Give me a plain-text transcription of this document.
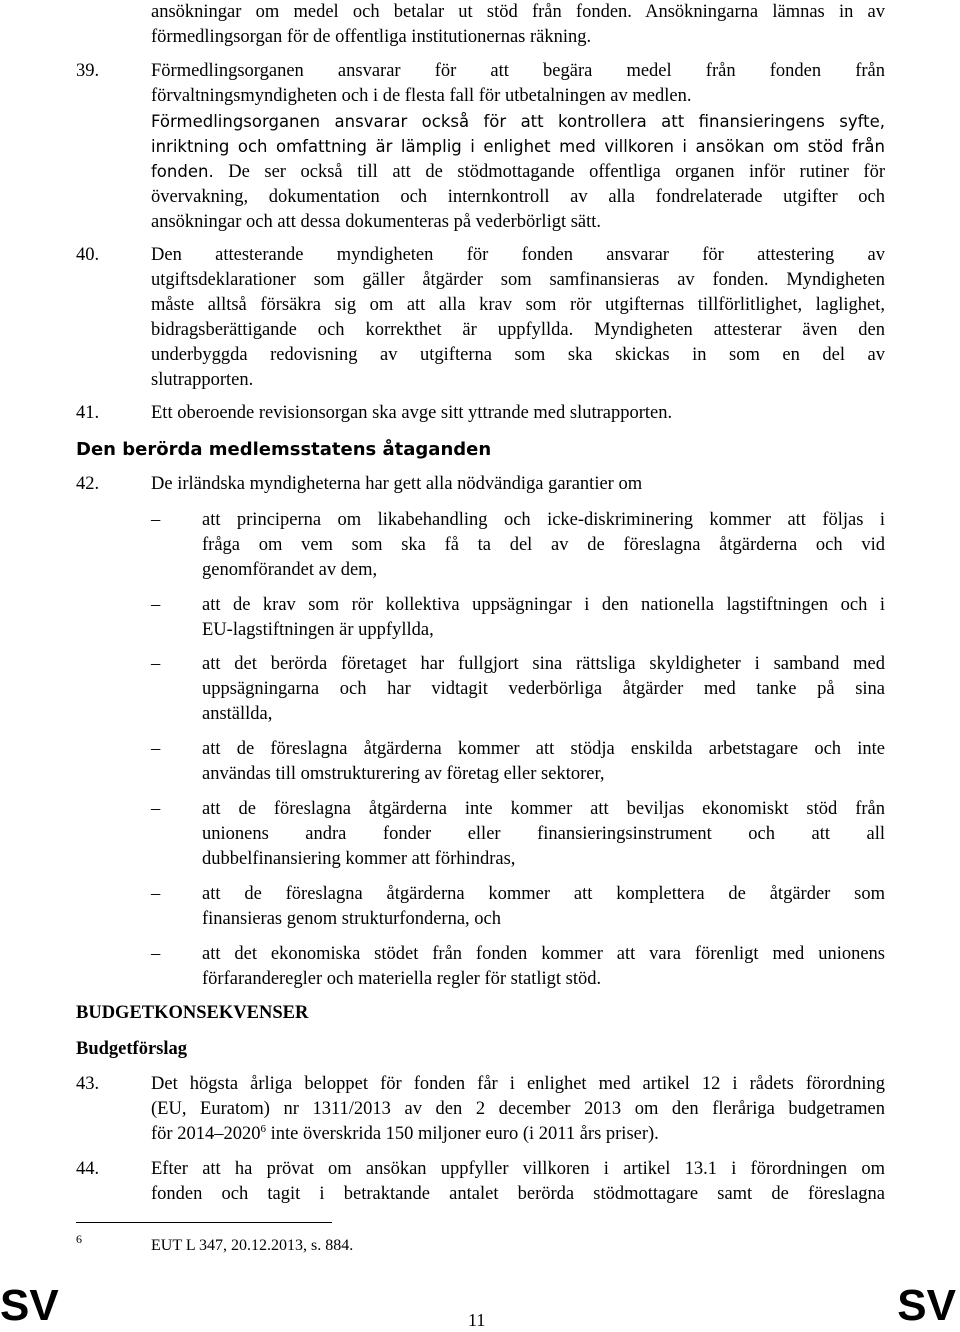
ansökningar om medel och betalar ut stöd från fonden. Ansökningarna lämnas in av
förmedlingsorgan för de offentliga institutionernas räkning.
39.	Förmedlingsorganen ansvarar för att begära medel från fonden från
förvaltningsmyndigheten och i de flesta fall för utbetalningen av medlen.
Förmedlingsorganen ansvarar också för att kontrollera att finansieringens syfte,
inriktning och omfattning är lämplig i enlighet med villkoren i ansökan om stöd från
fonden. De ser också till att de stödmottagande offentliga organen inför rutiner för
övervakning, dokumentation och internkontroll av alla fondrelaterade utgifter och
ansökningar och att dessa dokumenteras på vederbörligt sätt.
40.	Den attesterande myndigheten för fonden ansvarar för attestering av
utgiftsdeklarationer som gäller åtgärder som samfinansieras av fonden. Myndigheten
måste alltså försäkra sig om att alla krav som rör utgifternas tillförlitlighet, laglighet,
bidragsberättigande och korrekthet är uppfyllda. Myndigheten attesterar även den
underbyggda redovisning av utgifterna som ska skickas in som en del av
slutrapporten.
41.	Ett oberoende revisionsorgan ska avge sitt yttrande med slutrapporten.
Den berörda medlemsstatens åtaganden
42.	De irländska myndigheterna har gett alla nödvändiga garantier om
– att principerna om likabehandling och icke-diskriminering kommer att följas i
fråga om vem som ska få ta del av de föreslagna åtgärderna och vid
genomförandet av dem,
– att de krav som rör kollektiva uppsägningar i den nationella lagstiftningen och i
EU-lagstiftningen är uppfyllda,
– att det berörda företaget har fullgjort sina rättsliga skyldigheter i samband med
uppsägningarna och har vidtagit vederbörliga åtgärder med tanke på sina
anställda,
– att de föreslagna åtgärderna kommer att stödja enskilda arbetstagare och inte
användas till omstrukturering av företag eller sektorer,
– att de föreslagna åtgärderna inte kommer att beviljas ekonomiskt stöd från
unionens andra fonder eller finansieringsinstrument och att all
dubbelfinansiering kommer att förhindras,
– att de föreslagna åtgärderna kommer att komplettera de åtgärder som
finansieras genom strukturfonderna, och
– att det ekonomiska stödet från fonden kommer att vara förenligt med unionens
förfaranderegler och materiella regler för statligt stöd.
BUDGETKONSEKVENSER
Budgetförslag
43.	Det högsta årliga beloppet för fonden får i enlighet med artikel 12 i rådets förordning
(EU, Euratom) nr 1311/2013 av den 2 december 2013 om den fleråriga budgetramen
för 2014–2020$^6$ inte överskrida 150 miljoner euro (i 2011 års priser).
44.	Efter att ha prövat om ansökan uppfyller villkoren i artikel 13.1 i förordningen om
fonden och tagit i betraktande antalet berörda stödmottagare samt de föreslagna
6	EUT L 347, 20.12.2013, s. 884.
SV	SV
11
